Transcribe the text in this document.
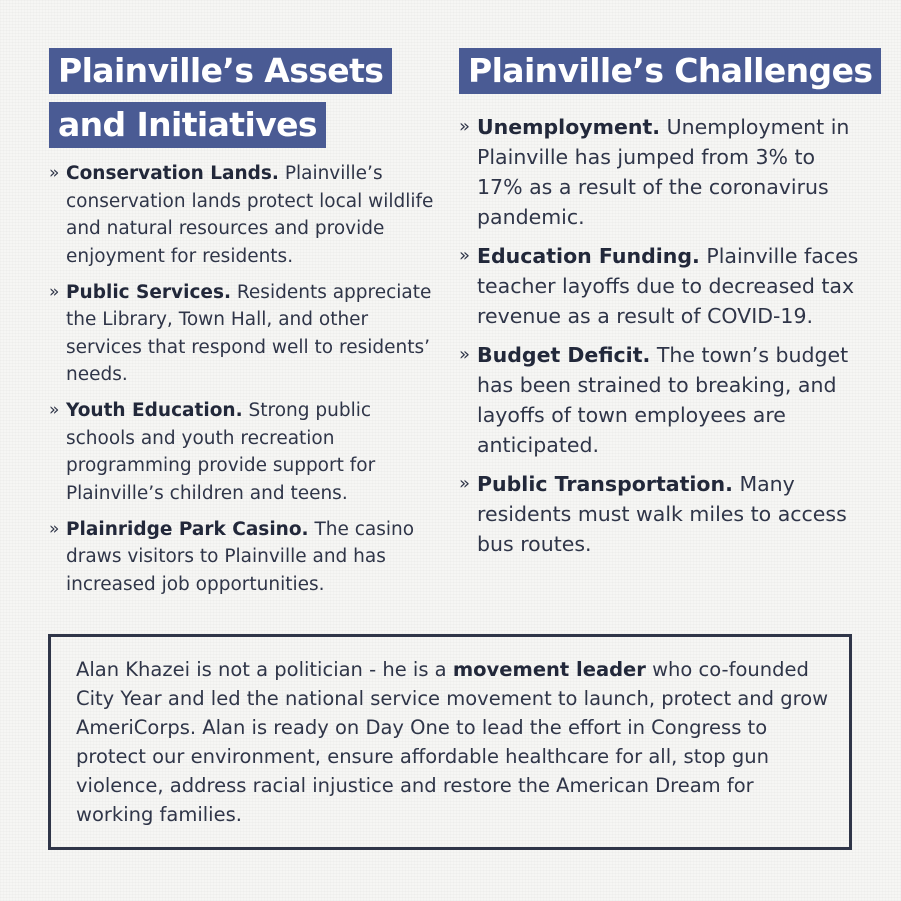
Plainville’s Assets
and Initiatives
» Conservation Lands. Plainville’s conservation lands protect local wildlife and natural resources and provide enjoyment for residents.
» Public Services. Residents appreciate the Library, Town Hall, and other services that respond well to residents’ needs.
» Youth Education. Strong public schools and youth recreation programming provide support for Plainville’s children and teens.
» Plainridge Park Casino. The casino draws visitors to Plainville and has increased job opportunities.
Plainville’s Challenges
» Unemployment. Unemployment in Plainville has jumped from 3% to 17% as a result of the coronavirus pandemic.
» Education Funding. Plainville faces teacher layoffs due to decreased tax revenue as a result of COVID-19.
» Budget Deficit. The town’s budget has been strained to breaking, and layoffs of town employees are anticipated.
» Public Transportation. Many residents must walk miles to access bus routes.
Alan Khazei is not a politician - he is a movement leader who co-founded City Year and led the national service movement to launch, protect and grow AmeriCorps. Alan is ready on Day One to lead the effort in Congress to protect our environment, ensure affordable healthcare for all, stop gun violence, address racial injustice and restore the American Dream for working families.
